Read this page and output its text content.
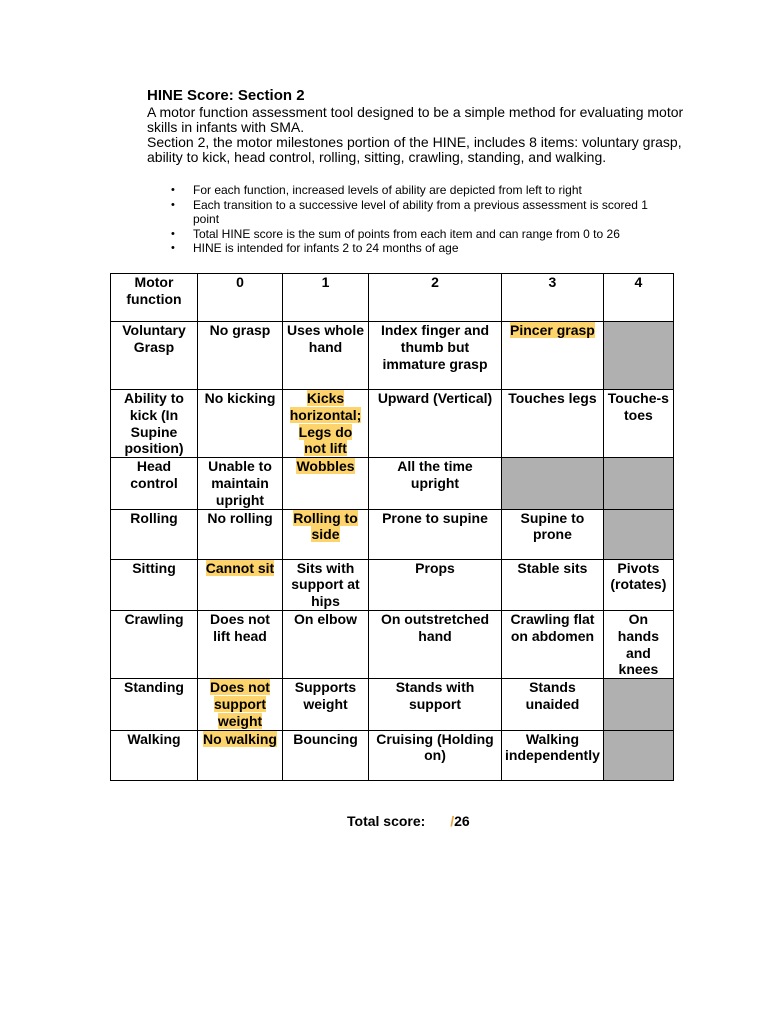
HINE Score: Section 2

A motor function assessment tool designed to be a simple method for evaluating motor skills in infants with SMA.

Section 2, the motor milestones portion of the HINE, includes 8 items: voluntary grasp, ability to kick, head control, rolling, sitting, crawling, standing, and walking.

• For each function, increased levels of ability are depicted from left to right
• Each transition to a successive level of ability from a previous assessment is scored 1 point
• Total HINE score is the sum of points from each item and can range from 0 to 26
• HINE is intended for infants 2 to 24 months of age
Motor function	0	1	2	3	4
Voluntary Grasp	No grasp	Uses whole hand	Index finger and thumb but immature grasp	Pincer grasp	
Ability to kick (In Supine position)	No kicking	Kicks horizontal; Legs do not lift	Upward (Vertical)	Touches legs	Touche-s toes
Head control	Unable to maintain upright	Wobbles	All the time upright		
Rolling	No rolling	Rolling to side	Prone to supine	Supine to prone	
Sitting	Cannot sit	Sits with support at hips	Props	Stable sits	Pivots (rotates)
Crawling	Does not lift head	On elbow	On outstretched hand	Crawling flat on abdomen	On hands and knees
Standing	Does not support weight	Supports weight	Stands with support	Stands unaided	
Walking	No walking	Bouncing	Cruising (Holding on)	Walking independently	
Total score: /26
